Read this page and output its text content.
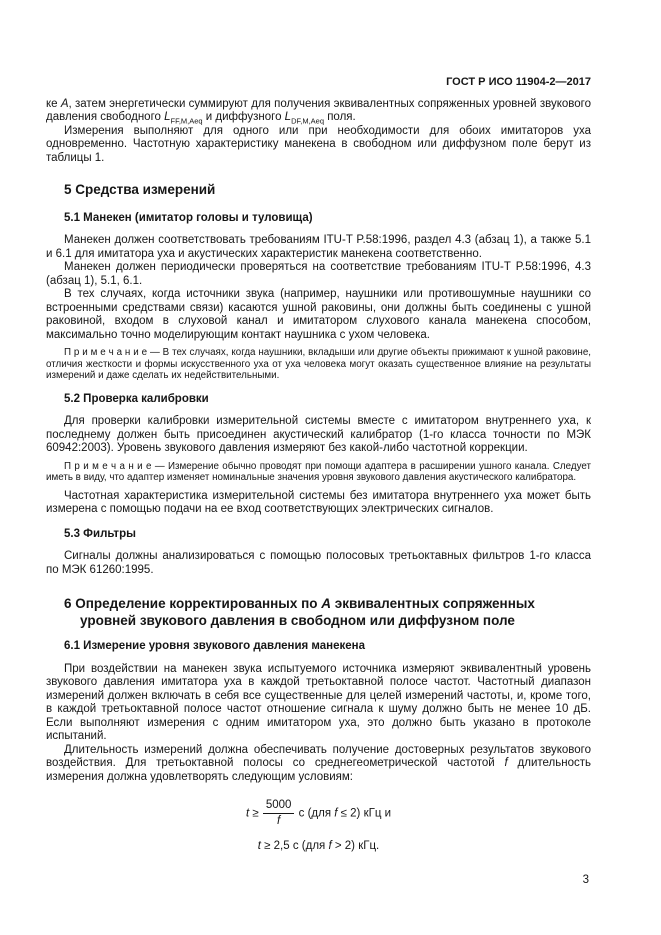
ГОСТ Р ИСО 11904-2—2017

ке А, затем энергетически суммируют для получения эквивалентных сопряженных уровней звукового давления свободного $L_{FF,M,Aeq}$ и диффузного $L_{DF,M,Aeq}$ поля.

Измерения выполняют для одного или при необходимости для обоих имитаторов уха одновременно. Частотную характеристику манекена в свободном или диффузном поле берут из таблицы 1.

5 Средства измерений
5.1 Манекен (имитатор головы и туловища)

Манекен должен соответствовать требованиям ITU-T P.58:1996, раздел 4.3 (абзац 1), а также 5.1 и 6.1 для имитатора уха и акустических характеристик манекена соответственно.

Манекен должен периодически проверяться на соответствие требованиям ITU-T P.58:1996, 4.3 (абзац 1), 5.1, 6.1.

В тех случаях, когда источники звука (например, наушники или противошумные наушники со встроенными средствами связи) касаются ушной раковины, они должны быть соединены с ушной раковиной, входом в слуховой канал и имитатором слухового канала манекена способом, максимально точно моделирующим контакт наушника с ухом человека.

П р и м е ч а н и е — В тех случаях, когда наушники, вкладыши или другие объекты прижимают к ушной раковине, отличия жесткости и формы искусственного уха от уха человека могут оказать существенное влияние на результаты измерений и даже сделать их недействительными.

5.2 Проверка калибровки

Для проверки калибровки измерительной системы вместе с имитатором внутреннего уха, к последнему должен быть присоединен акустический калибратор (1-го класса точности по МЭК 60942:2003). Уровень звукового давления измеряют без какой-либо частотной коррекции.

П р и м е ч а н и е — Измерение обычно проводят при помощи адаптера в расширении ушного канала. Следует иметь в виду, что адаптер изменяет номинальные значения уровня звукового давления акустического калибратора.

Частотная характеристика измерительной системы без имитатора внутреннего уха может быть измерена с помощью подачи на ее вход соответствующих электрических сигналов.

5.3 Фильтры

Сигналы должны анализироваться с помощью полосовых третьоктавных фильтров 1-го класса по МЭК 61260:1995.

6 Определение корректированных по А эквивалентных сопряженных уровней звукового давления в свободном или диффузном поле
6.1 Измерение уровня звукового давления манекена

При воздействии на манекен звука испытуемого источника измеряют эквивалентный уровень звукового давления имитатора уха в каждой третьоктавной полосе частот. Частотный диапазон измерений должен включать в себя все существенные для целей измерений частоты, и, кроме того, в каждой третьоктавной полосе частот отношение сигнала к шуму должно быть не менее 10 дБ. Если выполняют измерения с одним имитатором уха, это должно быть указано в протоколе испытаний.

Длительность измерений должна обеспечивать получение достоверных результатов звукового воздействия. Для третьоктавной полосы со среднегеометрической частотой f длительность измерения должна удовлетворять следующим условиям:

$t \ge \frac{5000}{f}$ с (для f ≤ 2) кГц и
t ≥ 2,5 с (для f > 2) кГц.
3
